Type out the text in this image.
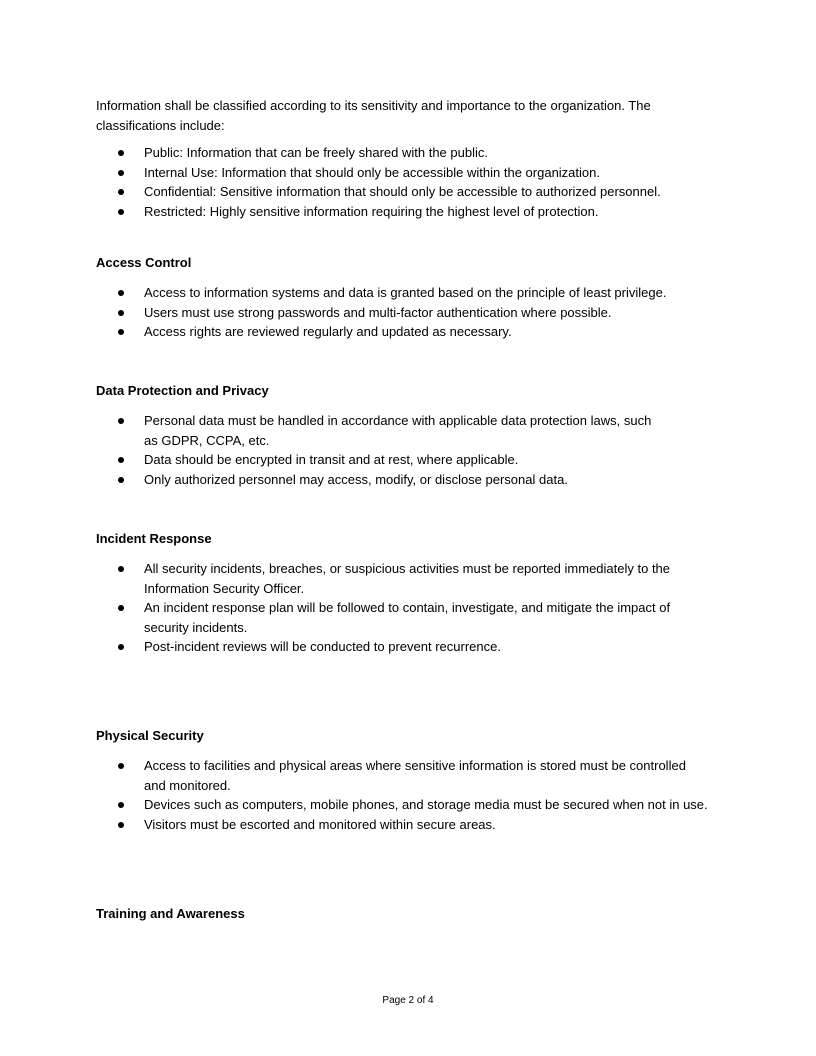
Information shall be classified according to its sensitivity and importance to the organization. The classifications include:
Public: Information that can be freely shared with the public.
Internal Use: Information that should only be accessible within the organization.
Confidential: Sensitive information that should only be accessible to authorized personnel.
Restricted: Highly sensitive information requiring the highest level of protection.
Access Control
Access to information systems and data is granted based on the principle of least privilege.
Users must use strong passwords and multi-factor authentication where possible.
Access rights are reviewed regularly and updated as necessary.
Data Protection and Privacy
Personal data must be handled in accordance with applicable data protection laws, such as GDPR, CCPA, etc.
Data should be encrypted in transit and at rest, where applicable.
Only authorized personnel may access, modify, or disclose personal data.
Incident Response
All security incidents, breaches, or suspicious activities must be reported immediately to the Information Security Officer.
An incident response plan will be followed to contain, investigate, and mitigate the impact of security incidents.
Post-incident reviews will be conducted to prevent recurrence.
Physical Security
Access to facilities and physical areas where sensitive information is stored must be controlled and monitored.
Devices such as computers, mobile phones, and storage media must be secured when not in use.
Visitors must be escorted and monitored within secure areas.
Training and Awareness
Page 2 of 4
